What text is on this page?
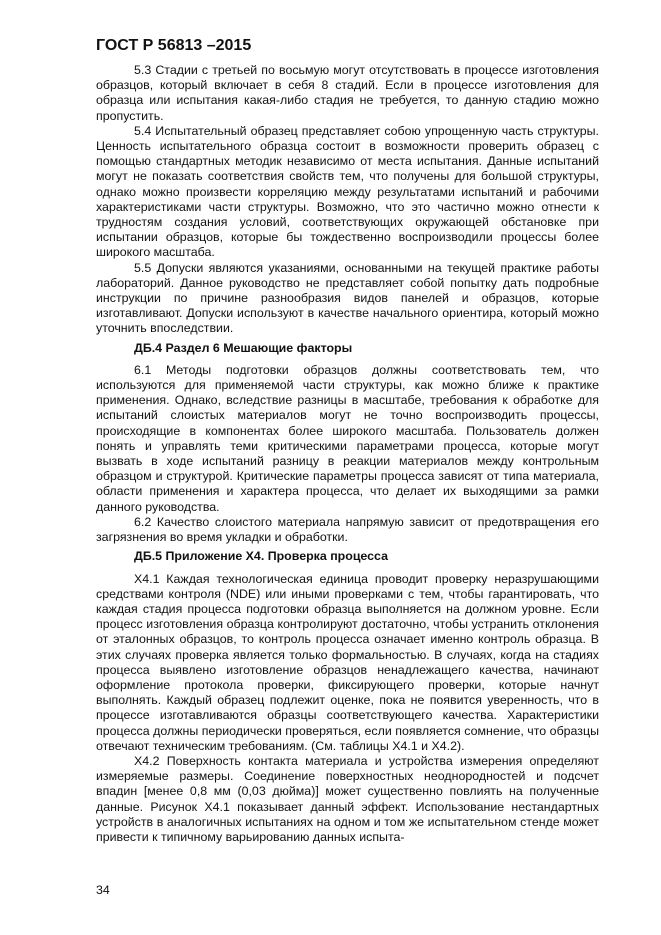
ГОСТ Р 56813 –2015

5.3 Стадии с третьей по восьмую могут отсутствовать в процессе изготовления образцов, который включает в себя 8 стадий. Если в процессе изготовления для образца или испытания какая-либо стадия не требуется, то данную стадию можно пропустить.

5.4 Испытательный образец представляет собою упрощенную часть структуры. Ценность испытательного образца состоит в возможности проверить образец с помощью стандартных методик независимо от места испытания. Данные испытаний могут не показать соответствия свойств тем, что получены для большой структуры, однако можно произвести корреляцию между результатами испытаний и рабочими характеристиками части структуры. Возможно, что это частично можно отнести к трудностям создания условий, соответствующих окружающей обстановке при испытании образцов, которые бы тождественно воспроизводили процессы более широкого масштаба.

5.5 Допуски являются указаниями, основанными на текущей практике работы лабораторий. Данное руководство не представляет собой попытку дать подробные инструкции по причине разнообразия видов панелей и образцов, которые изготавливают. Допуски используют в качестве начального ориентира, который можно уточнить впоследствии.

ДБ.4 Раздел 6 Мешающие факторы

6.1 Методы подготовки образцов должны соответствовать тем, что используются для применяемой части структуры, как можно ближе к практике применения. Однако, вследствие разницы в масштабе, требования к обработке для испытаний слоистых материалов могут не точно воспроизводить процессы, происходящие в компонентах более широкого масштаба. Пользователь должен понять и управлять теми критическими параметрами процесса, которые могут вызвать в ходе испытаний разницу в реакции материалов между контрольным образцом и структурой. Критические параметры процесса зависят от типа материала, области применения и характера процесса, что делает их выходящими за рамки данного руководства.

6.2 Качество слоистого материала напрямую зависит от предотвращения его загрязнения во время укладки и обработки.

ДБ.5 Приложение Х4. Проверка процесса

Х4.1 Каждая технологическая единица проводит проверку неразрушающими средствами контроля (NDE) или иными проверками с тем, чтобы гарантировать, что каждая стадия процесса подготовки образца выполняется на должном уровне. Если процесс изготовления образца контролируют достаточно, чтобы устранить отклонения от эталонных образцов, то контроль процесса означает именно контроль образца. В этих случаях проверка является только формальностью. В случаях, когда на стадиях процесса выявлено изготовление образцов ненадлежащего качества, начинают оформление протокола проверки, фиксирующего проверки, которые начнут выполнять. Каждый образец подлежит оценке, пока не появится уверенность, что в процессе изготавливаются образцы соответствующего качества. Характеристики процесса должны периодически проверяться, если появляется сомнение, что образцы отвечают техническим требованиям. (См. таблицы Х4.1 и Х4.2).

Х4.2 Поверхность контакта материала и устройства измерения определяют измеряемые размеры. Соединение поверхностных неоднородностей и подсчет впадин [менее 0,8 мм (0,03 дюйма)] может существенно повлиять на полученные данные. Рисунок Х4.1 показывает данный эффект. Использование нестандартных устройств в аналогичных испытаниях на одном и том же испытательном стенде может привести к типичному варьированию данных испыта-

34
